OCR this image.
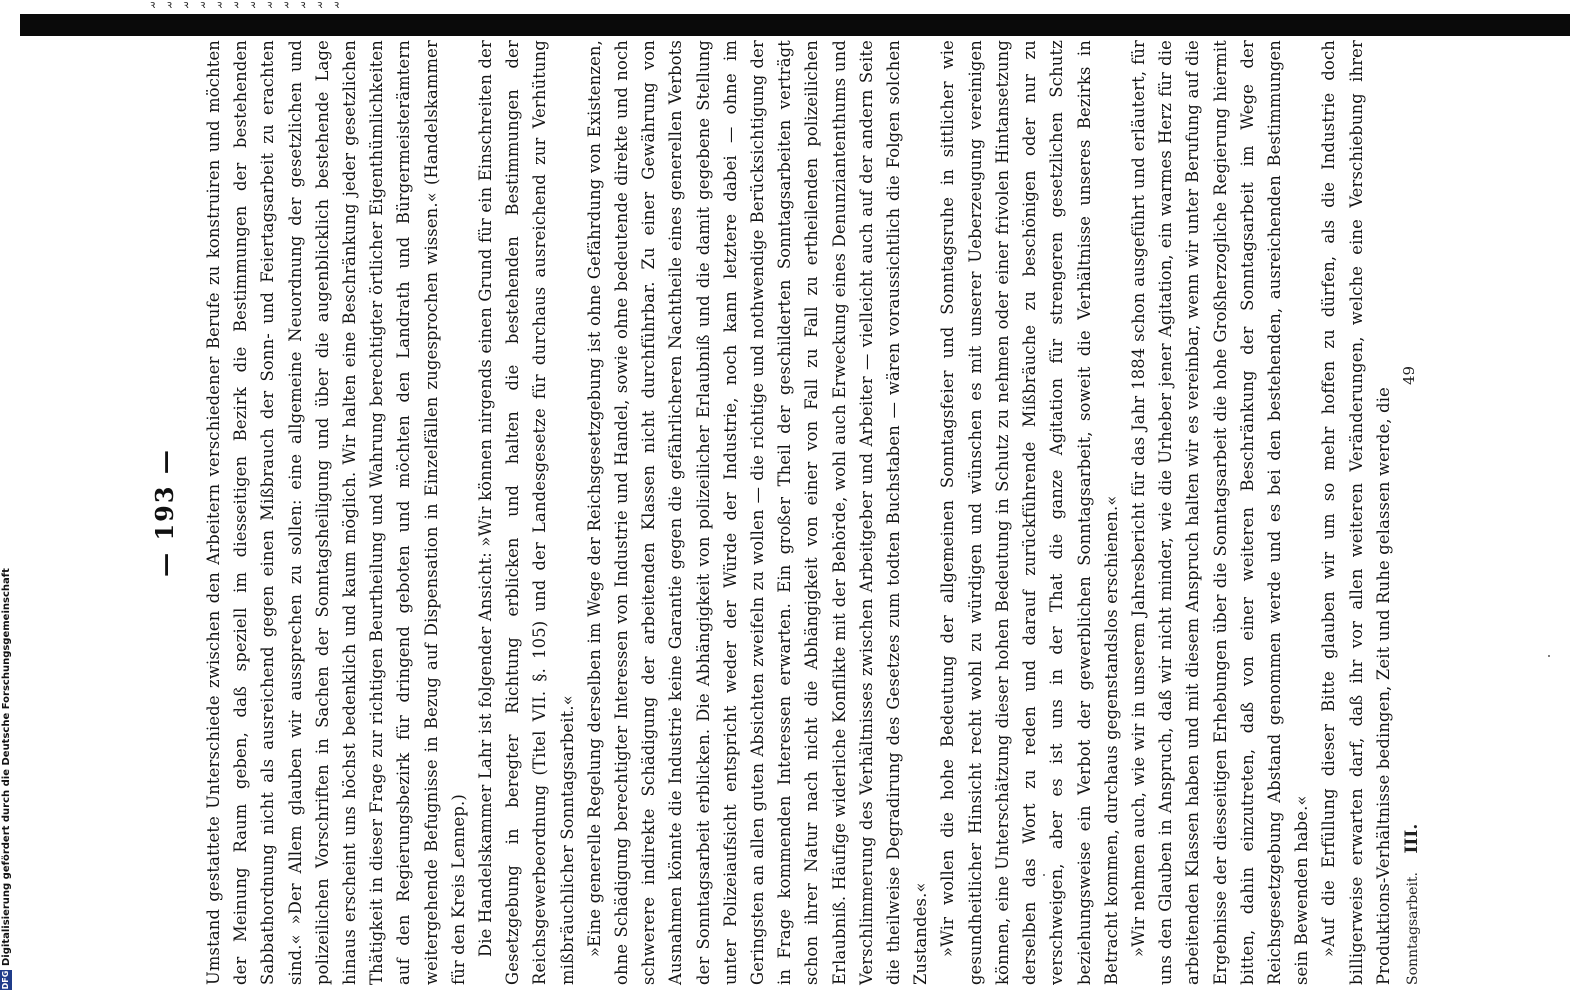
ꝛ ꝛ ꝛ ꝛ ꝛ ꝛ ꝛ ꝛ ꝛ ꝛ ꝛ ꝛ
— 193 — Umstand gestattete Unterschiede zwischen den Arbeitern verschiedener Berufe zu konstruiren und möchten der Meinung Raum geben, daß speziell im diesseitigen Bezirk die Bestimmungen der bestehenden Sabbathordnung nicht als ausreichend gegen einen Mißbrauch der Sonn- und Feiertagsarbeit zu erachten sind.« »Der Allem glauben wir aussprechen zu sollen: eine allgemeine Neuordnung der gesetzlichen und polizeilichen Vorschriften in Sachen der Sonntagsheiligung und über die augenblicklich bestehende Lage hinaus erscheint uns höchst bedenklich und kaum möglich. Wir halten eine Beschränkung jeder gesetzlichen Thätigkeit in dieser Frage zur richtigen Beurtheilung und Wahrung berechtigter örtlicher Eigenthümlichkeiten auf den Regierungsbezirk für dringend geboten und möchten den Landrath und Bürgermeisterämtern weitergehende Befugnisse in Bezug auf Dispensation in Einzelfällen zugesprochen wissen.« (Handelskammer für den Kreis Lennep.) Die Handelskammer Lahr ist folgender Ansicht: »Wir können nirgends einen Grund für ein Einschreiten der Gesetzgebung in beregter Richtung erblicken und halten die bestehenden Bestimmungen der Reichsgewerbeordnung (Titel VII. §. 105) und der Landesgesetze für durchaus ausreichend zur Verhütung mißbräuchlicher Sonntagsarbeit.« »Eine generelle Regelung derselben im Wege der Reichsgesetzgebung ist ohne Gefährdung von Existenzen, ohne Schädigung berechtigter Interessen von Industrie und Handel, sowie ohne bedeutende direkte und noch schwerere indirekte Schädigung der arbeitenden Klassen nicht durchführbar. Zu einer Gewährung von Ausnahmen könnte die Industrie keine Garantie gegen die gefährlicheren Nachtheile eines generellen Verbots der Sonntagsarbeit erblicken. Die Abhängigkeit von polizeilicher Erlaubniß und die damit gegebene Stellung unter Polizeiaufsicht entspricht weder der Würde der Industrie, noch kann letztere dabei — ohne im Geringsten an allen guten Absichten zweifeln zu wollen — die richtige und nothwendige Berücksichtigung der in Frage kommenden Interessen erwarten. Ein großer Theil der geschilderten Sonntagsarbeiten verträgt schon ihrer Natur nach nicht die Abhängigkeit von einer von Fall zu Fall zu ertheilenden polizeilichen Erlaubniß. Häufige widerliche Konflikte mit der Behörde, wohl auch Erweckung eines Denunziantenthums und Verschlimmerung des Verhältnisses zwischen Arbeitgeber und Arbeiter — vielleicht auch auf der andern Seite die theilweise Degradirung des Gesetzes zum todten Buchstaben — wären voraussichtlich die Folgen solchen Zustandes.« »Wir wollen die hohe Bedeutung der allgemeinen Sonntagsfeier und Sonntagsruhe in sittlicher wie gesundheitlicher Hinsicht recht wohl zu würdigen und wünschen es mit unserer Ueberzeugung vereinigen können, eine Unterschätzung dieser hohen Bedeutung in Schutz zu nehmen oder einer frivolen Hintansetzung derselben das Wort zu reden und darauf zurückführende Mißbräuche zu beschönigen oder nur zu verschweigen, aber es ist uns in der That die ganze Agitation für strengeren gesetzlichen Schutz beziehungsweise ein Verbot der gewerblichen Sonntagsarbeit, soweit die Verhältnisse unseres Bezirks in Betracht kommen, durchaus gegenstandslos erschienen.« »Wir nehmen auch, wie wir in unserem Jahresbericht für das Jahr 1884 schon ausgeführt und erläutert, für uns den Glauben in Anspruch, daß wir nicht minder, wie die Urheber jener Agitation, ein warmes Herz für die arbeitenden Klassen haben und mit diesem Anspruch halten wir es vereinbar, wenn wir unter Berufung auf die Ergebnisse der diesseitigen Erhebungen über die Sonntagsarbeit die hohe Großherzogliche Regierung hiermit bitten, dahin einzutreten, daß von einer weiteren Beschränkung der Sonntagsarbeit im Wege der Reichsgesetzgebung Abstand genommen werde und es bei den bestehenden, ausreichenden Bestimmungen sein Bewenden habe.« »Auf die Erfüllung dieser Bitte glauben wir um so mehr hoffen zu dürfen, als die Industrie doch billigerweise erwarten darf, daß ihr vor allen weiteren Veränderungen, welche eine Verschiebung ihrer Produktions-Verhältnisse bedingen, Zeit und Ruhe gelassen werde, die Sonntagsarbeit. III.
49
DFGDigitalisierung gefördert durch die Deutsche Forschungsgemeinschaft
